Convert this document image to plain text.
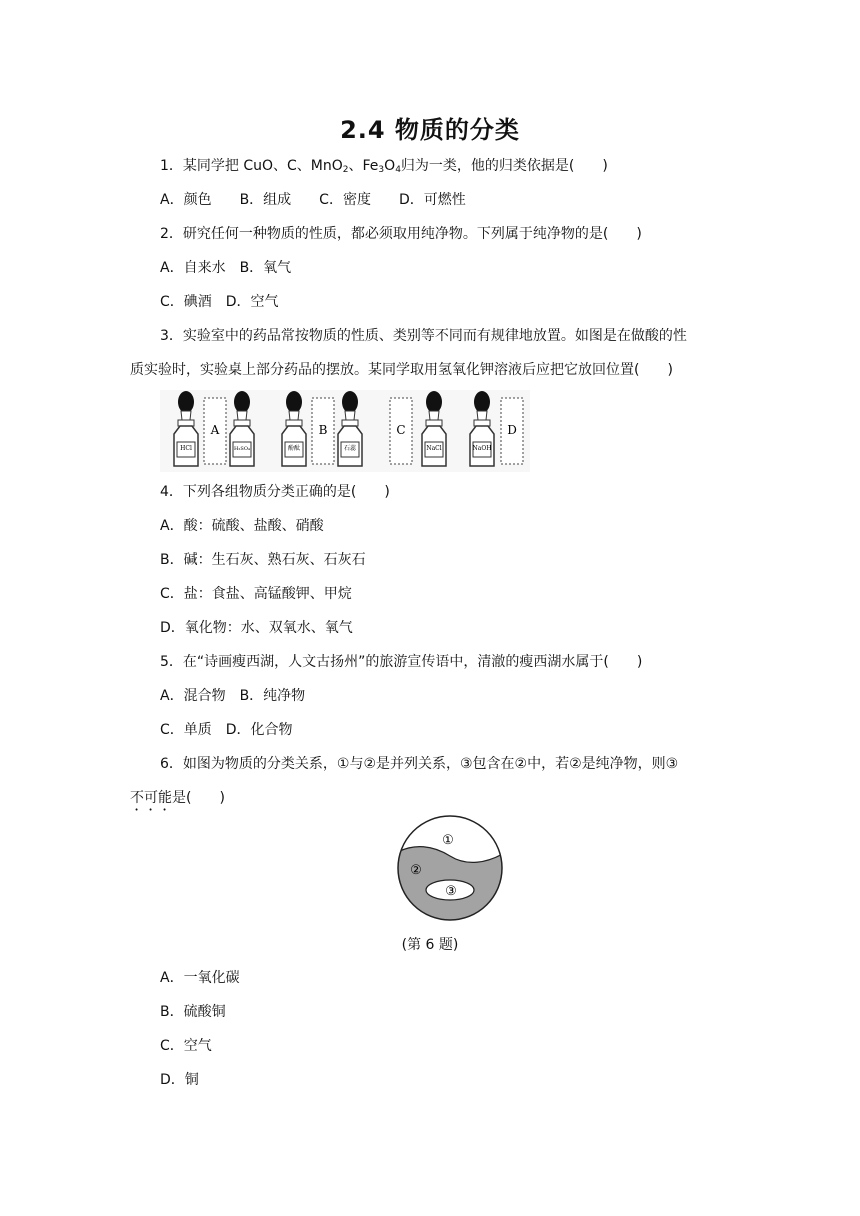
2.4 物质的分类
1．某同学把 CuO、C、MnO$_2$、$Fe_3O_4$归为一类，他的归类依据是(　　)
A．颜色　　B．组成　　C．密度　　D．可燃性
2．研究任何一种物质的性质，都必须取用纯净物。下列属于纯净物的是(　　)
A．自来水　B．氧气
C．碘酒　D．空气
3．实验室中的药品常按物质的性质、类别等不同而有规律地放置。如图是在做酸的性
质实验时，实验桌上部分药品的摆放。某同学取用氢氧化钾溶液后应把它放回位置(　　)
HCl
A
H₂SO₄	酚酞
B
石蕊
C
NaCl	NaOH
D
4．下列各组物质分类正确的是(　　)
A．酸：硫酸、盐酸、硝酸
B．碱：生石灰、熟石灰、石灰石
C．盐：食盐、高锰酸钾、甲烷
D．氧化物：水、双氧水、氧气
5．在“诗画瘦西湖，人文古扬州”的旅游宣传语中，清澈的瘦西湖水属于(　　)
A．混合物　B．纯净物
C．单质　D．化合物
6．如图为物质的分类关系，①与②是并列关系，③包含在②中，若②是纯净物，则③
不可能是(　　)
①
②
③
(第 6 题)
A．一氧化碳
B．硫酸铜
C．空气
D．铜
